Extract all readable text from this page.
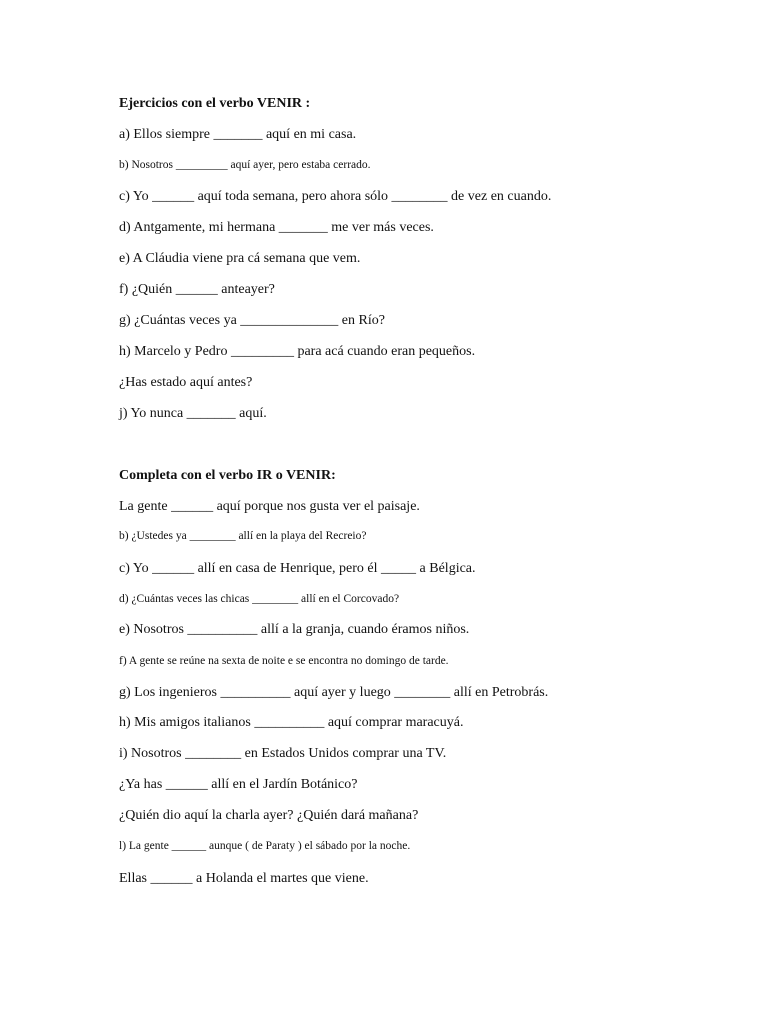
Ejercicios con el verbo VENIR :
a) Ellos siempre _______ aquí en mi casa.
b) Nosotros _________ aquí ayer, pero estaba cerrado.
c) Yo ______ aquí toda semana, pero ahora sólo ________ de vez en cuando.
d) Antgamente, mi hermana _______ me ver más veces.
e) A Cláudia viene pra cá semana que vem.
f) ¿Quién ______ anteayer?
g) ¿Cuántas veces ya ______________ en Río?
h) Marcelo y Pedro _________ para acá cuando eran pequeños.
¿Has estado aquí antes?
j) Yo nunca _______ aquí.
Completa con el verbo IR o VENIR:
La gente ______ aquí porque nos gusta ver el paisaje.
b) ¿Ustedes ya ________ allí en la playa del Recreio?
c) Yo ______ allí en casa de Henrique, pero él _____ a Bélgica.
d) ¿Cuántas veces las chicas ________ allí en el Corcovado?
e) Nosotros __________ allí a la granja, cuando éramos niños.
f) A gente se reúne na sexta de noite e se encontra no domingo de tarde.
g) Los ingenieros __________ aquí ayer y luego ________ allí en Petrobrás.
h) Mis amigos italianos __________ aquí comprar maracuyá.
i) Nosotros ________ en Estados Unidos comprar una TV.
¿Ya has ______ allí en el Jardín Botánico?
¿Quién dio aquí la charla ayer? ¿Quién dará mañana?
l) La gente ______ aunque ( de Paraty ) el sábado por la noche.
Ellas ______ a Holanda el martes que viene.
